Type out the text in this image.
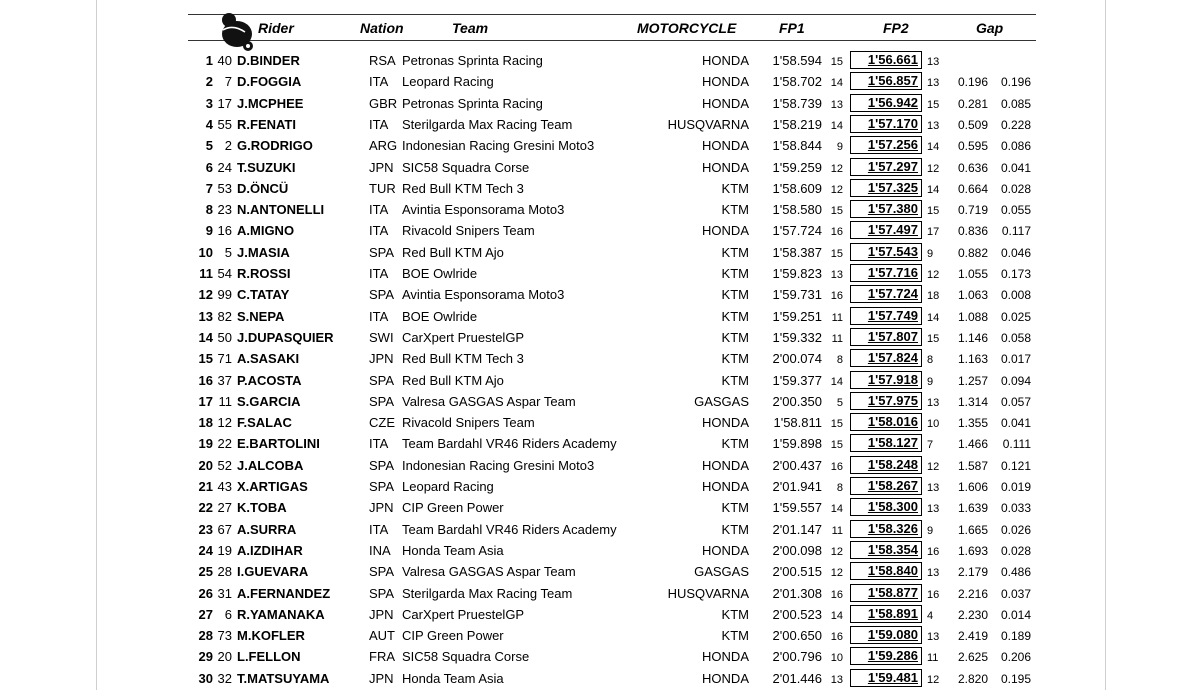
Rider	Nation	Team	MOTORCYCLE	FP1	FP2	Gap
1 40 D.BINDER	RSA Petronas Sprinta Racing	HONDA	1'58.594 15	1'56.661 13
2 7 D.FOGGIA	ITA Leopard Racing	HONDA	1'58.702 14	1'56.857 13	0.196	0.196
3 17 J.MCPHEE	GBR Petronas Sprinta Racing	HONDA	1'58.739 13	1'56.942 15	0.281	0.085
4 55 R.FENATI	ITA Sterilgarda Max Racing Team	HUSQVARNA	1'58.219 14	1'57.170 13	0.509	0.228
5 2 G.RODRIGO	ARG Indonesian Racing Gresini Moto3	HONDA	1'58.844	9	1'57.256 14	0.595	0.086
6 24 T.SUZUKI	JPN SIC58 Squadra Corse	HONDA	1'59.259 12	1'57.297 12	0.636	0.041
7 53 D.ÖNCÜ	TUR Red Bull KTM Tech 3	KTM	1'58.609 12	1'57.325 14	0.664	0.028
8 23 N.ANTONELLI	ITA Avintia Esponsorama Moto3	KTM	1'58.580 15	1'57.380 15	0.719	0.055
9 16 A.MIGNO	ITA Rivacold Snipers Team	HONDA	1'57.724 16	1'57.497 17	0.836	0.117
10 5 J.MASIA	SPA Red Bull KTM Ajo	KTM	1'58.387 15	1'57.543 9	0.882	0.046
11 54 R.ROSSI	ITA BOE Owlride	KTM	1'59.823 13	1'57.716 12	1.055	0.173
12 99 C.TATAY	SPA Avintia Esponsorama Moto3	KTM	1'59.731 16	1'57.724 18	1.063	0.008
13 82 S.NEPA	ITA BOE Owlride	KTM	1'59.251 11	1'57.749 14	1.088	0.025
14 50 J.DUPASQUIER	SWI CarXpert PruestelGP	KTM	1'59.332 11	1'57.807 15	1.146	0.058
15 71 A.SASAKI	JPN Red Bull KTM Tech 3	KTM	2'00.074	8	1'57.824 8	1.163	0.017
16 37 P.ACOSTA	SPA Red Bull KTM Ajo	KTM	1'59.377 14	1'57.918 9	1.257	0.094
17 11 S.GARCIA	SPA Valresa GASGAS Aspar Team	GASGAS	2'00.350	5	1'57.975 13	1.314	0.057
18 12 F.SALAC	CZE Rivacold Snipers Team	HONDA	1'58.811 15	1'58.016 10	1.355	0.041
19 22 E.BARTOLINI	ITA Team Bardahl VR46 Riders Academy	KTM	1'59.898 15	1'58.127 7	1.466	0.111
20 52 J.ALCOBA	SPA Indonesian Racing Gresini Moto3	HONDA	2'00.437 16	1'58.248 12	1.587	0.121
21 43 X.ARTIGAS	SPA Leopard Racing	HONDA	2'01.941	8	1'58.267 13	1.606	0.019
22 27 K.TOBA	JPN CIP Green Power	KTM	1'59.557 14	1'58.300 13	1.639	0.033
23 67 A.SURRA	ITA Team Bardahl VR46 Riders Academy	KTM	2'01.147 11	1'58.326 9	1.665	0.026
24 19 A.IZDIHAR	INA Honda Team Asia	HONDA	2'00.098 12	1'58.354 16	1.693	0.028
25 28 I.GUEVARA	SPA Valresa GASGAS Aspar Team	GASGAS	2'00.515 12	1'58.840 13	2.179	0.486
26 31 A.FERNANDEZ	SPA Sterilgarda Max Racing Team	HUSQVARNA	2'01.308 16	1'58.877 16	2.216	0.037
27 6 R.YAMANAKA	JPN CarXpert PruestelGP	KTM	2'00.523 14	1'58.891 4	2.230	0.014
28 73 M.KOFLER	AUT CIP Green Power	KTM	2'00.650 16	1'59.080 13	2.419	0.189
29 20 L.FELLON	FRA SIC58 Squadra Corse	HONDA	2'00.796 10	1'59.286 11	2.625	0.206
30 32 T.MATSUYAMA	JPN Honda Team Asia	HONDA	2'01.446 13	1'59.481 12	2.820	0.195
